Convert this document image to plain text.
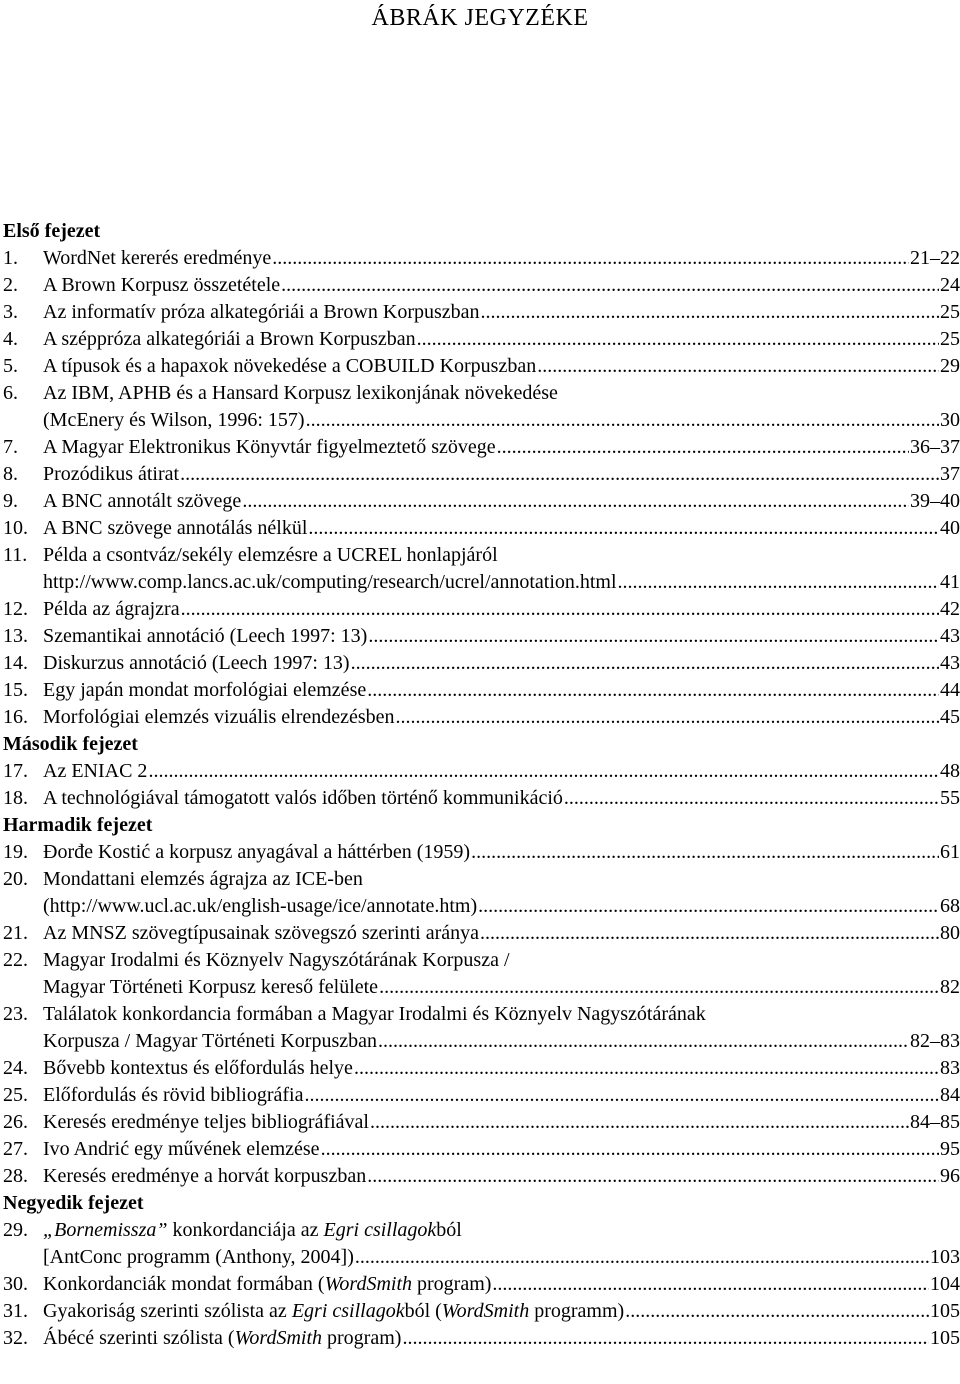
ÁBRÁK JEGYZÉKE
Első fejezet
1. WordNet kererés eredménye .....	21–22
2. A Brown Korpusz összetétele .....	24
3. Az informatív próza alkategóriái a Brown Korpuszban .....	25
4. A széppróza alkategóriái a Brown Korpuszban .....	25
5. A típusok és a hapaxok növekedése a COBUILD Korpuszban .....	29
6. Az IBM, APHB és a Hansard Korpusz lexikonjának növekedése
(McEnery és Wilson, 1996: 157) .....	30
7. A Magyar Elektronikus Könyvtár figyelmeztető szövege .....	36–37
8. Prozódikus átirat .....	37
9. A BNC annotált szövege .....	39–40
10. A BNC szövege annotálás nélkül .....	40
11. Példa a csontváz/sekély elemzésre a UCREL honlapjáról
http://www.comp.lancs.ac.uk/computing/research/ucrel/annotation.html .....	41
12. Példa az ágrajzra .....	42
13. Szemantikai annotáció (Leech 1997: 13) .....	43
14. Diskurzus annotáció (Leech 1997: 13) .....	43
15. Egy japán mondat morfológiai elemzése .....	44
16. Morfológiai elemzés vizuális elrendezésben .....	45
Második fejezet
17. Az ENIAC 2 .....	48
18. A technológiával támogatott valós időben történő kommunikáció .....	55
Harmadik fejezet
19. Đorđe Kostić a korpusz anyagával a háttérben (1959) .....	61
20. Mondattani elemzés ágrajza az ICE-ben
(http://www.ucl.ac.uk/english-usage/ice/annotate.htm) .....	68
21. Az MNSZ szövegtípusainak szövegszó szerinti aránya .....	80
22. Magyar Irodalmi és Köznyelv Nagyszótárának Korpusza /
Magyar Történeti Korpusz kereső felülete .....	82
23. Találatok konkordancia formában a Magyar Irodalmi és Köznyelv Nagyszótárának
Korpusza / Magyar Történeti Korpuszban .....	82–83
24. Bővebb kontextus és előfordulás helye .....	83
25. Előfordulás és rövid bibliográfia .....	84
26. Keresés eredménye teljes bibliográfiával .....	84–85
27. Ivo Andrić egy művének elemzése .....	95
28. Keresés eredménye a horvát korpuszban .....	96
Negyedik fejezet
29. „Bornemissza” konkordanciája az Egri csillagokból
[AntConc programm (Anthony, 2004]) .....	103
30. Konkordanciák mondat formában (WordSmith program) .....	104
31. Gyakoriság szerinti szólista az Egri csillagokból (WordSmith programm) .....	105
32. Ábécé szerinti szólista (WordSmith program) .....	105
